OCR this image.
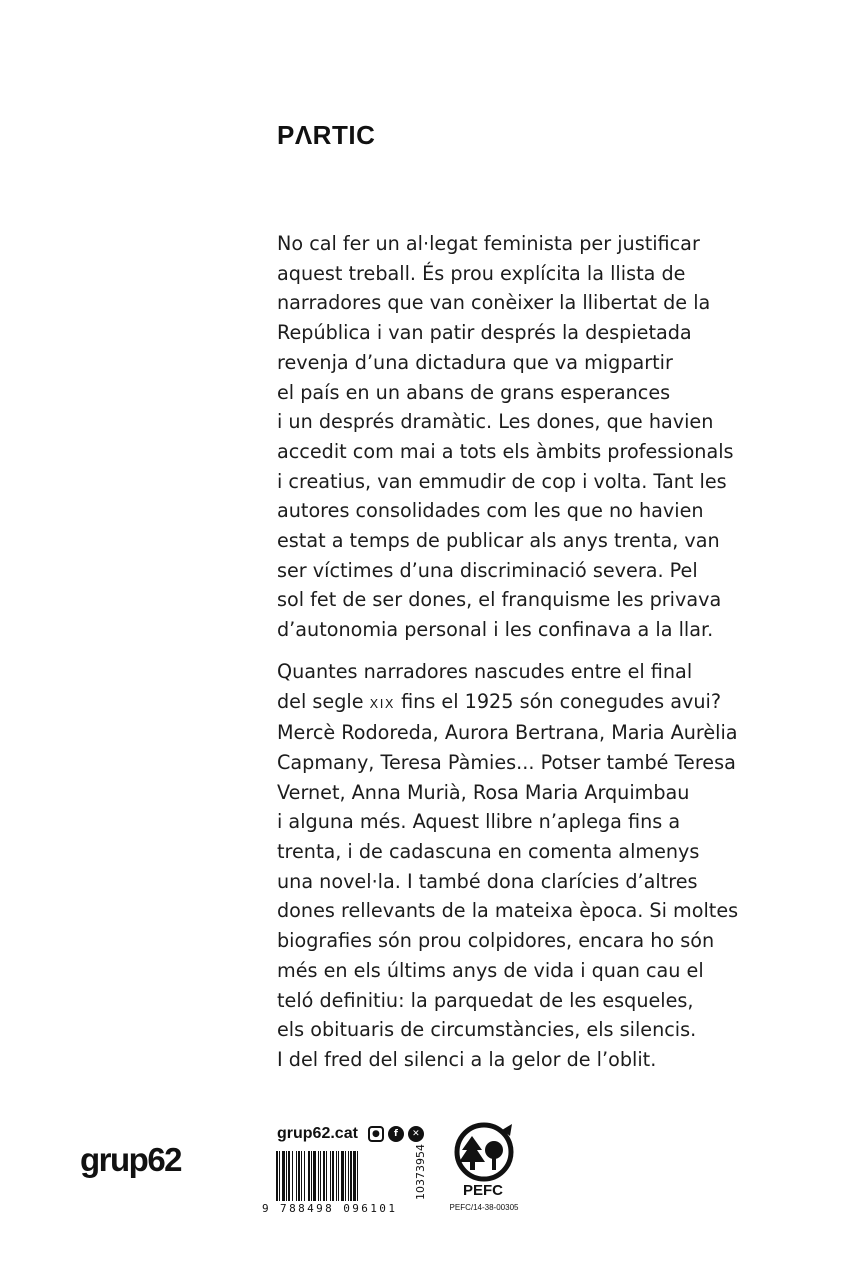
PɅRTIC

No cal fer un al·legat feminista per justificar
aquest treball. És prou explícita la llista de
narradores que van conèixer la llibertat de la
República i van patir després la despietada
revenja d’una dictadura que va migpartir
el país en un abans de grans esperances
i un després dramàtic. Les dones, que havien
accedit com mai a tots els àmbits professionals
i creatius, van emmudir de cop i volta. Tant les
autores consolidades com les que no havien
estat a temps de publicar als anys trenta, van
ser víctimes d’una discriminació severa. Pel
sol fet de ser dones, el franquisme les privava
d’autonomia personal i les confinava a la llar.

Quantes narradores nascudes entre el final
del segle XIX fins el 1925 són conegudes avui?
Mercè Rodoreda, Aurora Bertrana, Maria Aurèlia
Capmany, Teresa Pàmies... Potser també Teresa
Vernet, Anna Murià, Rosa Maria Arquimbau
i alguna més. Aquest llibre n’aplega fins a
trenta, i de cadascuna en comenta almenys
una novel·la. I també dona clarícies d’altres
dones rellevants de la mateixa època. Si moltes
biografies són prou colpidores, encara ho són
més en els últims anys de vida i quan cau el
teló definitiu: la parquedat de les esqueles,
els obituaris de circumstàncies, els silencis.
I del fred del silenci a la gelor de l’oblit.

grup62
grup62.cat	●	f	✕
9 788498 096101
10373954	PEFC
PEFC/14-38-00305
